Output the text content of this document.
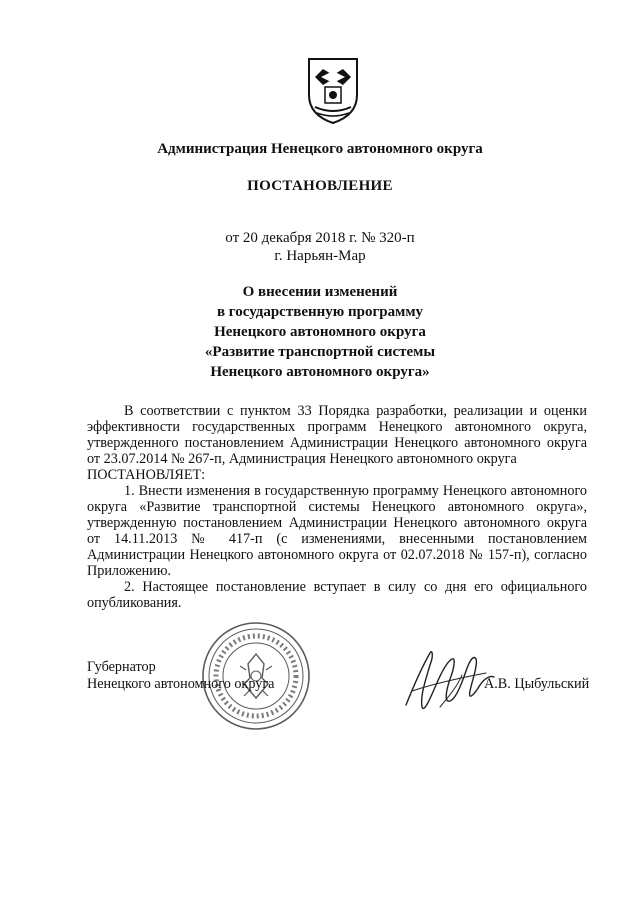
Администрация Ненецкого автономного округа
ПОСТАНОВЛЕНИЕ
от 20 декабря 2018 г. № 320-п
г. Нарьян-Мар
О внесении изменений
в государственную программу
Ненецкого автономного округа
«Развитие транспортной системы
Ненецкого автономного округа»

В соответствии с пунктом 33 Порядка разработки, реализации и оценки эффективности государственных программ Ненецкого автономного округа, утвержденного постановлением Администрации Ненецкого автономного округа от 23.07.2014 № 267-п, Администрация Ненецкого автономного округа

ПОСТАНОВЛЯЕТ:

1. Внести изменения в государственную программу Ненецкого автономного округа «Развитие транспортной системы Ненецкого автономного округа», утвержденную постановлением Администрации Ненецкого автономного округа от 14.11.2013 № 417-п (с изменениями, внесенными постановлением Администрации Ненецкого автономного округа от 02.07.2018 № 157-п), согласно Приложению.

2. Настоящее постановление вступает в силу со дня его официального опубликования.

Губернатор
Ненецкого автономного округа	А.В. Цыбульский
